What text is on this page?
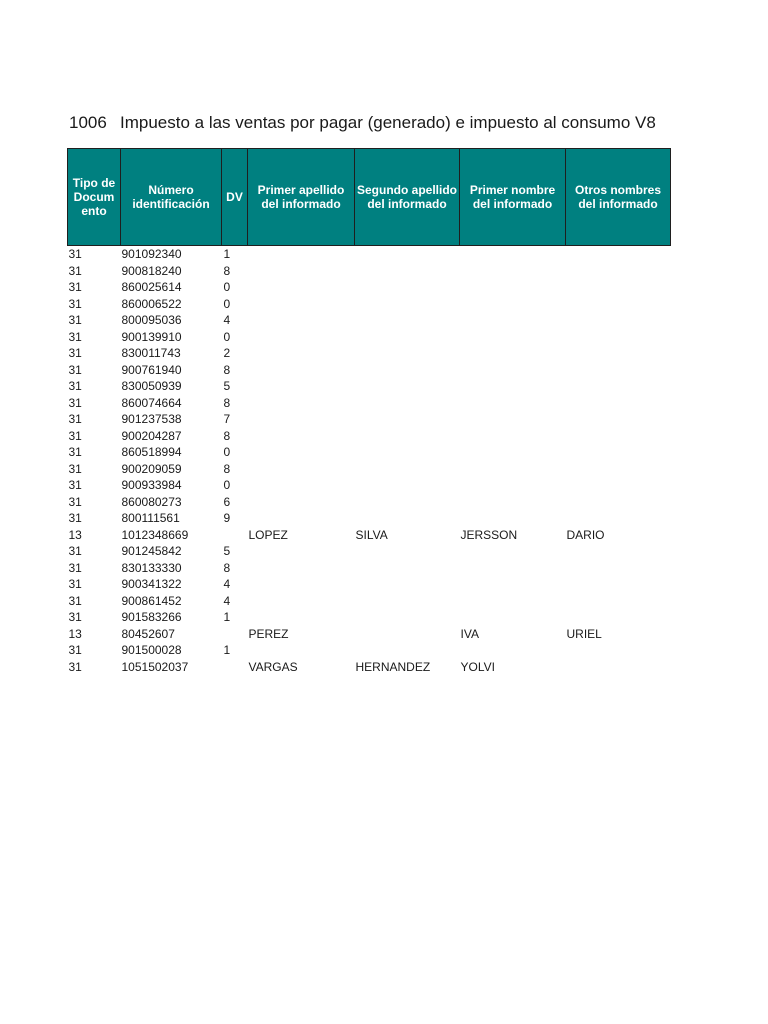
1006 Impuesto a las ventas por pagar (generado) e impuesto al consumo V8
Tipo de Docum ento	Número identificación	DV	Primer apellido del informado	Segundo apellido del informado	Primer nombre del informado	Otros nombres del informado
31	901092340	1				
31	900818240	8				
31	860025614	0				
31	860006522	0				
31	800095036	4				
31	900139910	0				
31	830011743	2				
31	900761940	8				
31	830050939	5				
31	860074664	8				
31	901237538	7				
31	900204287	8				
31	860518994	0				
31	900209059	8				
31	900933984	0				
31	860080273	6				
31	800111561	9				
13	1012348669		LOPEZ	SILVA	JERSSON	DARIO
31	901245842	5				
31	830133330	8				
31	900341322	4				
31	900861452	4				
31	901583266	1				
13	80452607		PEREZ		IVA	URIEL
31	901500028	1				
31	1051502037		VARGAS	HERNANDEZ	YOLVI	
